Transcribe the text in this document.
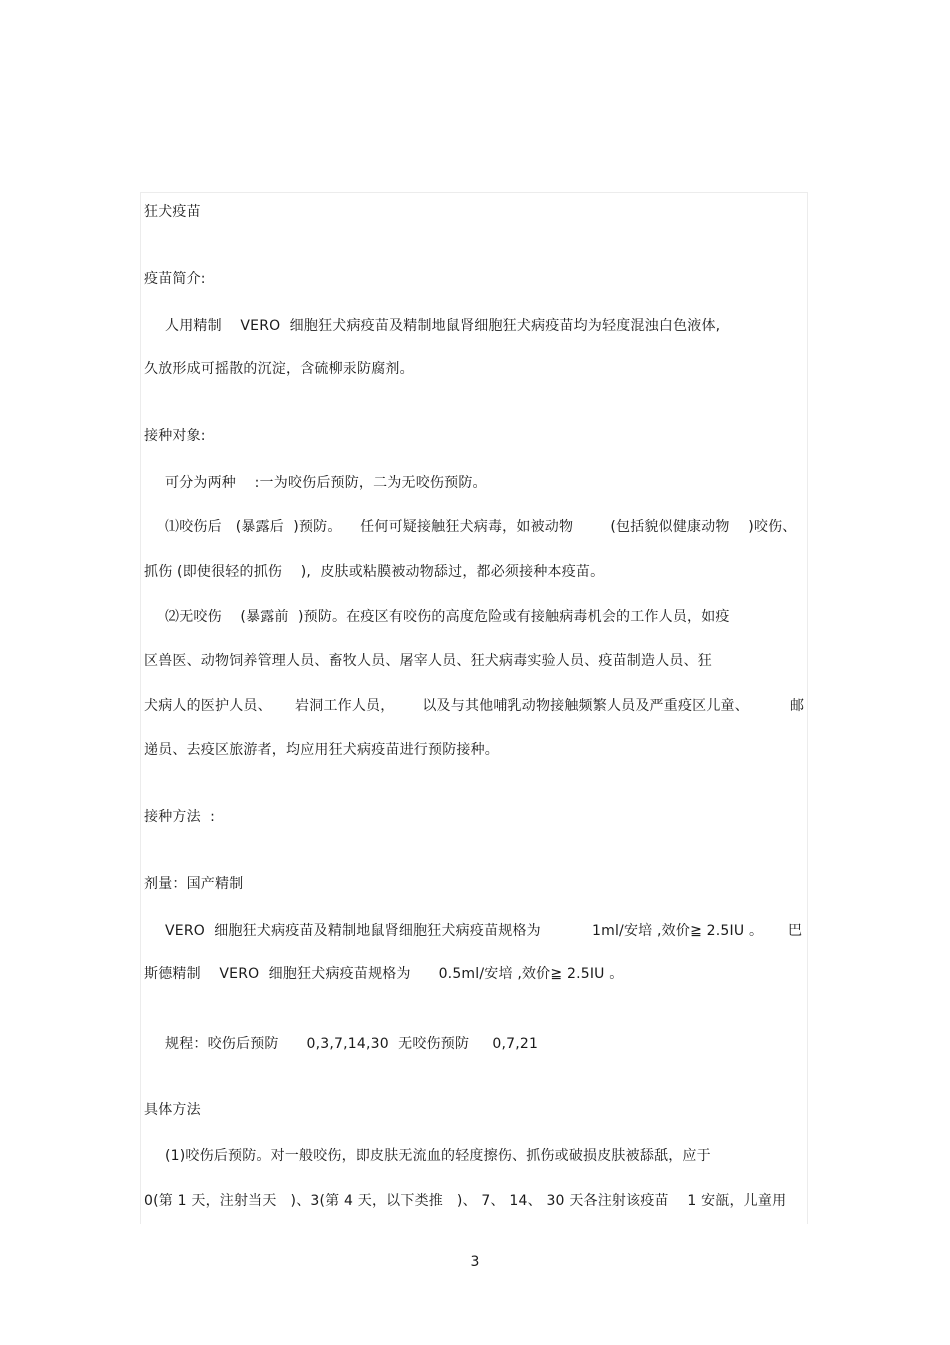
狂犬疫苗
疫苗简介:
人用精制    VERO  细胞狂犬病疫苗及精制地鼠肾细胞狂犬病疫苗均为轻度混浊白色液体,
久放形成可摇散的沉淀，含硫柳汞防腐剂。
接种对象:
可分为两种    :一为咬伤后预防，二为无咬伤预防。
⑴咬伤后   (暴露后  )预防。    任何可疑接触狂犬病毒，如被动物        (包括貌似健康动物    )咬伤、
抓伤 (即使很轻的抓伤    ),  皮肤或粘膜被动物舔过，都必须接种本疫苗。
⑵无咬伤    (暴露前  )预防。在疫区有咬伤的高度危险或有接触病毒机会的工作人员，如疫
区兽医、动物饲养管理人员、畜牧人员、屠宰人员、狂犬病毒实验人员、疫苗制造人员、狂
犬病人的医护人员、     岩洞工作人员，      以及与其他哺乳动物接触频繁人员及严重疫区儿童、	邮
递员、去疫区旅游者，均应用狂犬病疫苗进行预防接种。
接种方法  :
剂量：国产精制
VERO  细胞狂犬病疫苗及精制地鼠肾细胞狂犬病疫苗规格为           1ml/安培 ,效价≧ 2.5IU 。 巴
斯德精制    VERO  细胞狂犬病疫苗规格为      0.5ml/安培 ,效价≧ 2.5IU 。
规程：咬伤后预防      0,3,7,14,30  无咬伤预防     0,7,21
具体方法
(1)咬伤后预防。对一般咬伤，即皮肤无流血的轻度擦伤、抓伤或破损皮肤被舔舐，应于
0(第 1 天，注射当天   )、3(第 4 天，以下类推   )、 7、 14、 30 天各注射该疫苗    1 安瓿，儿童用
3
